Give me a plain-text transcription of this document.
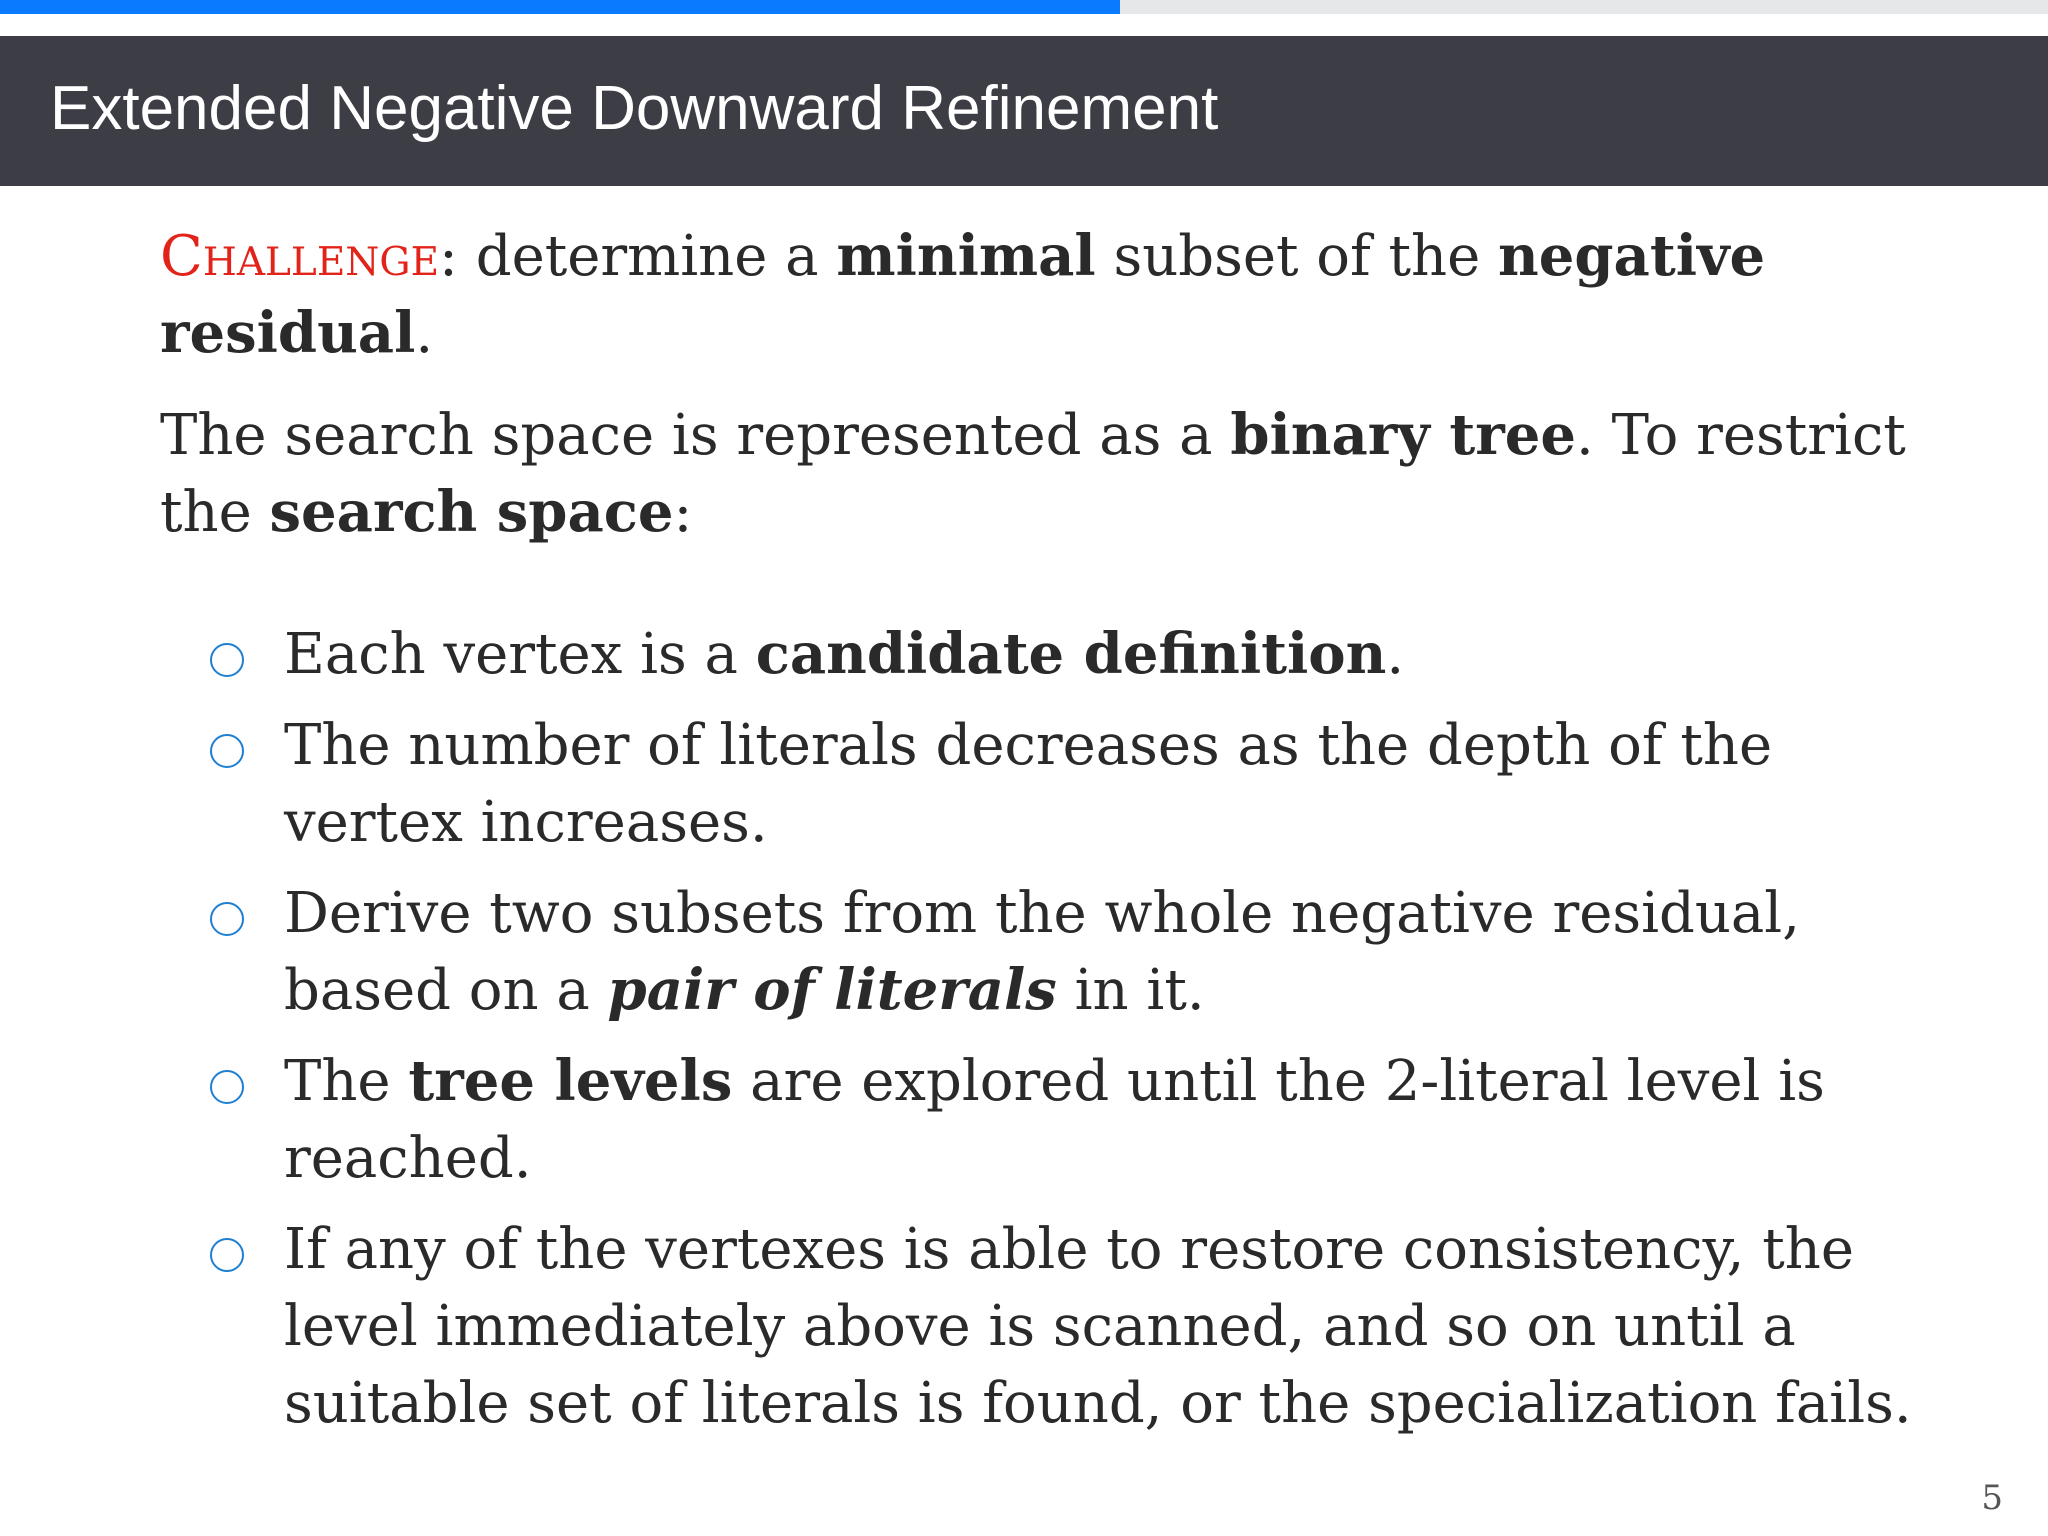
Extended Negative Downward Refinement

Challenge: determine a minimal subset of the negative residual.

The search space is represented as a binary tree. To restrict the search space:

Each vertex is a candidate definition.
The number of literals decreases as the depth of the vertex increases.
Derive two subsets from the whole negative residual, based on a pair of literals in it.
The tree levels are explored until the 2-literal level is reached.
If any of the vertexes is able to restore consistency, the level immediately above is scanned, and so on until a suitable set of literals is found, or the specialization fails.
5
